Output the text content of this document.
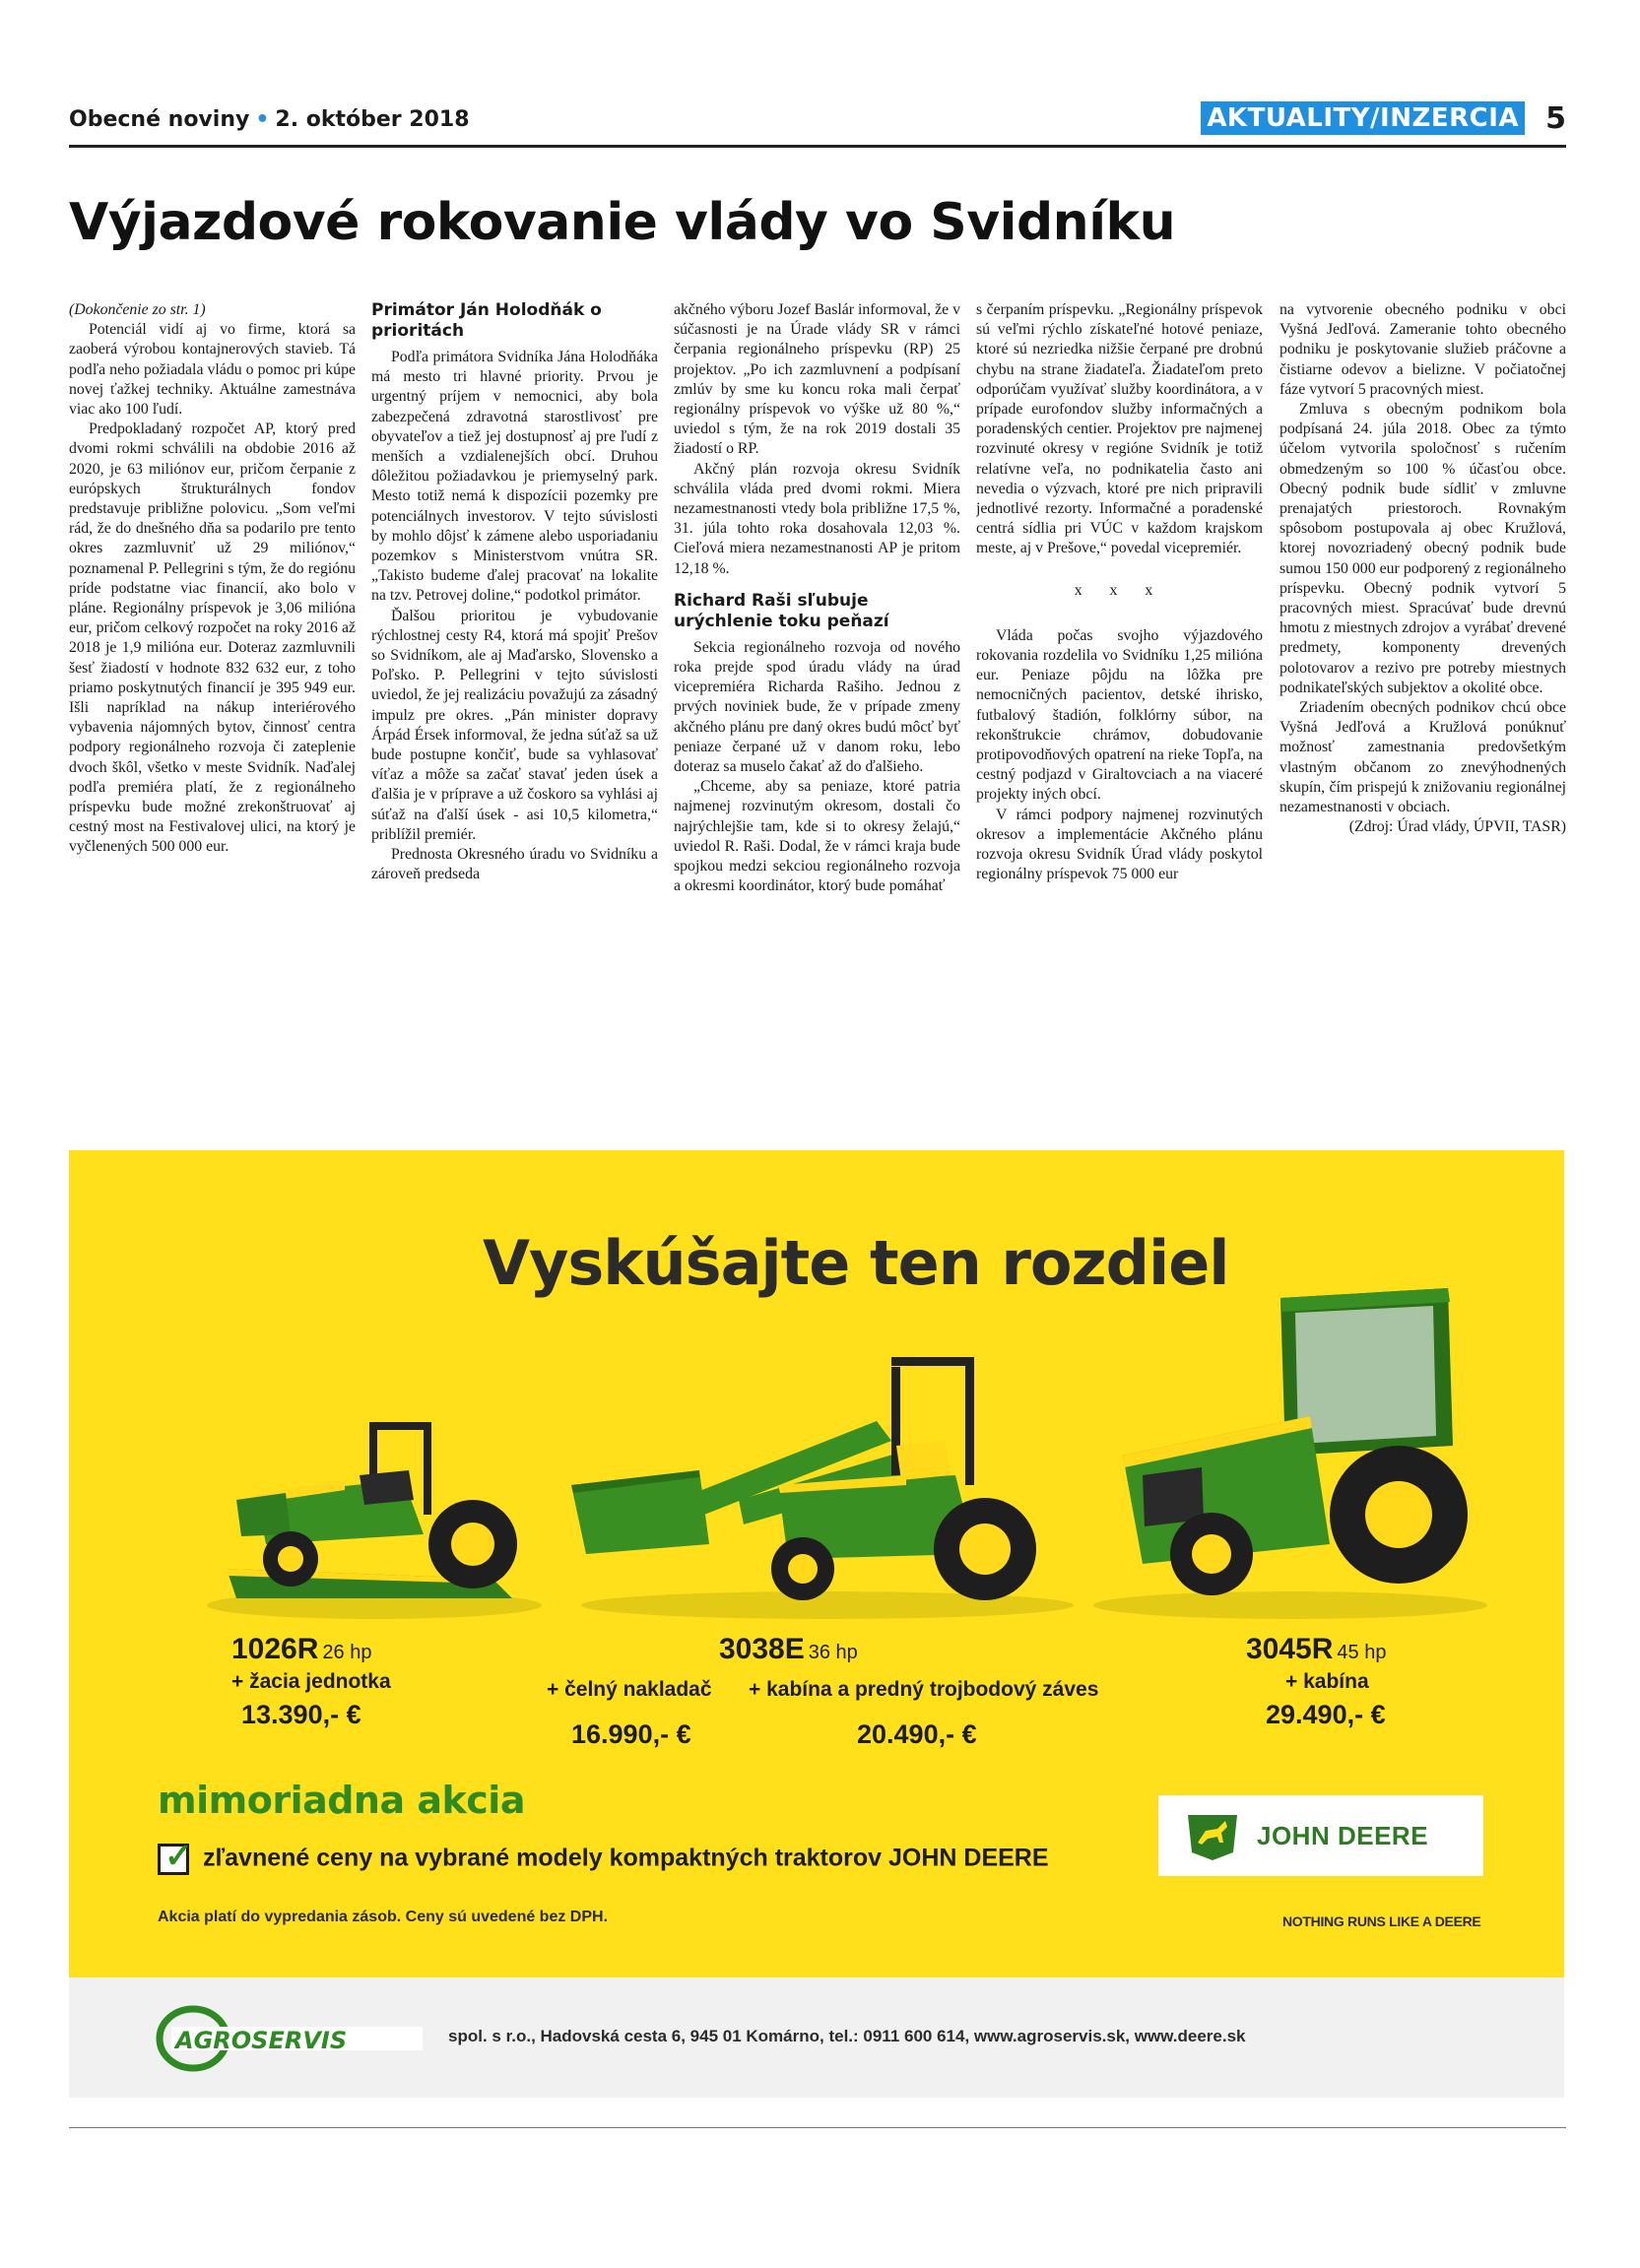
Obecné noviny • 2. október 2018	AKTUALITY/INZERCIA 5
Výjazdové rokovanie vlády vo Svidníku

(Dokončenie zo str. 1)

Potenciál vidí aj vo firme, ktorá sa zaoberá výrobou kontajnerových stavieb. Tá podľa neho požiadala vládu o pomoc pri kúpe novej ťažkej techniky. Aktuálne zamestnáva viac ako 100 ľudí.

Predpokladaný rozpočet AP, ktorý pred dvomi rokmi schválili na obdobie 2016 až 2020, je 63 miliónov eur, pričom čerpanie z európskych štrukturálnych fondov predstavuje približne polovicu. „Som veľmi rád, že do dnešného dňa sa podarilo pre tento okres zazmluvniť už 29 miliónov,“ poznamenal P. Pellegrini s tým, že do regiónu príde podstatne viac financií, ako bolo v pláne. Regionálny príspevok je 3,06 milióna eur, pričom celkový rozpočet na roky 2016 až 2018 je 1,9 milióna eur. Doteraz zazmluvnili šesť žiadostí v hodnote 832 632 eur, z toho priamo poskytnutých financií je 395 949 eur. Išli napríklad na nákup interiérového vybavenia nájomných bytov, činnosť centra podpory regionálneho rozvoja či zateplenie dvoch škôl, všetko v meste Svidník. Naďalej podľa premiéra platí, že z regionálneho príspevku bude možné zrekonštruovať aj cestný most na Festivalovej ulici, na ktorý je vyčlenených 500 000 eur.

Primátor Ján Holodňák o prioritách

Podľa primátora Svidníka Jána Holodňáka má mesto tri hlavné priority. Prvou je urgentný príjem v nemocnici, aby bola zabezpečená zdravotná starostlivosť pre obyvateľov a tiež jej dostupnosť aj pre ľudí z menších a vzdialenejších obcí. Druhou dôležitou požiadavkou je priemyselný park. Mesto totiž nemá k dispozícii pozemky pre potenciálnych investorov. V tejto súvislosti by mohlo dôjsť k zámene alebo usporiadaniu pozemkov s Ministerstvom vnútra SR. „Takisto budeme ďalej pracovať na lokalite na tzv. Petrovej doline,“ podotkol primátor.

Ďalšou prioritou je vybudovanie rýchlostnej cesty R4, ktorá má spojiť Prešov so Svidníkom, ale aj Maďarsko, Slovensko a Poľsko. P. Pellegrini v tejto súvislosti uviedol, že jej realizáciu považujú za zásadný impulz pre okres. „Pán minister dopravy Árpád Érsek informoval, že jedna súťaž sa už bude postupne končiť, bude sa vyhlasovať víťaz a môže sa začať stavať jeden úsek a ďalšia je v príprave a už čoskoro sa vyhlási aj súťaž na ďalší úsek - asi 10,5 kilometra,“ priblížil premiér.

Prednosta Okresného úradu vo Svidníku a zároveň predseda

akčného výboru Jozef Baslár informoval, že v súčasnosti je na Úrade vlády SR v rámci čerpania regionálneho príspevku (RP) 25 projektov. „Po ich zazmluvnení a podpísaní zmlúv by sme ku koncu roka mali čerpať regionálny príspevok vo výške už 80 %,“ uviedol s tým, že na rok 2019 dostali 35 žiadostí o RP.

Akčný plán rozvoja okresu Svidník schválila vláda pred dvomi rokmi. Miera nezamestnanosti vtedy bola približne 17,5 %, 31. júla tohto roka dosahovala 12,03 %. Cieľová miera nezamestnanosti AP je pritom 12,18 %.

Richard Raši sľubuje urýchlenie toku peňazí

Sekcia regionálneho rozvoja od nového roka prejde spod úradu vlády na úrad vicepremiéra Richarda Rašiho. Jednou z prvých noviniek bude, že v prípade zmeny akčného plánu pre daný okres budú môcť byť peniaze čerpané už v danom roku, lebo doteraz sa muselo čakať až do ďalšieho.

„Chceme, aby sa peniaze, ktoré patria najmenej rozvinutým okresom, dostali čo najrýchlejšie tam, kde si to okresy želajú,“ uviedol R. Raši. Dodal, že v rámci kraja bude spojkou medzi sekciou regionálneho rozvoja a okresmi koordinátor, ktorý bude pomáhať

s čerpaním príspevku. „Regionálny príspevok sú veľmi rýchlo získateľné hotové peniaze, ktoré sú nezriedka nižšie čerpané pre drobnú chybu na strane žiadateľa. Žiadateľom preto odporúčam využívať služby koordinátora, a v prípade eurofondov služby informačných a poradenských centier. Projektov pre najmenej rozvinuté okresy v regióne Svidník je totiž relatívne veľa, no podnikatelia často ani nevedia o výzvach, ktoré pre nich pripravili jednotlivé rezorty. Informačné a poradenské centrá sídlia pri VÚC v každom krajskom meste, aj v Prešove,“ povedal vicepremiér.

x x x

Vláda počas svojho výjazdového rokovania rozdelila vo Svidníku 1,25 milióna eur. Peniaze pôjdu na lôžka pre nemocničných pacientov, detské ihrisko, futbalový štadión, folklórny súbor, na rekonštrukcie chrámov, dobudovanie protipovodňových opatrení na rieke Topľa, na cestný podjazd v Giraltovciach a na viaceré projekty iných obcí.

V rámci podpory najmenej rozvinutých okresov a implementácie Akčného plánu rozvoja okresu Svidník Úrad vlády poskytol regionálny príspevok 75 000 eur

na vytvorenie obecného podniku v obci Vyšná Jedľová. Zameranie tohto obecného podniku je poskytovanie služieb práčovne a čistiarne odevov a bielizne. V počiatočnej fáze vytvorí 5 pracovných miest.

Zmluva s obecným podnikom bola podpísaná 24. júla 2018. Obec za týmto účelom vytvorila spoločnosť s ručením obmedzeným so 100 % účasťou obce. Obecný podnik bude sídliť v zmluvne prenajatých priestoroch. Rovnakým spôsobom postupovala aj obec Kružlová, ktorej novozriadený obecný podnik bude sumou 150 000 eur podporený z regionálneho príspevku. Obecný podnik vytvorí 5 pracovných miest. Spracúvať bude drevnú hmotu z miestnych zdrojov a vyrábať drevené predmety, komponenty drevených polotovarov a rezivo pre potreby miestnych podnikateľských subjektov a okolité obce.

Zriadením obecných podnikov chcú obce Vyšná Jedľová a Kružlová ponúknuť možnosť zamestnania predovšetkým vlastným občanom zo znevýhodnených skupín, čím prispejú k znižovaniu regionálnej nezamestnanosti v obciach.

(Zdroj: Úrad vlády, ÚPVII, TASR)

Vyskúšajte ten rozdiel
1026R 26 hp
+ žacia jednotka
13.390,- €
3038E 36 hp
+ čelný nakladač
16.990,- €
+ kabína a predný trojbodový záves
20.490,- €
3045R 45 hp
+ kabína
29.490,- €
mimoriadna akcia
✓ zľavnené ceny na vybrané modely kompaktných traktorov JOHN DEERE
Akcia platí do vypredania zásob. Ceny sú uvedené bez DPH.
JOHN DEERE
NOTHING RUNS LIKE A DEERE
AGROSERVIS	spol. s r.o., Hadovská cesta 6, 945 01 Komárno, tel.: 0911 600 614, www.agroservis.sk, www.deere.sk
